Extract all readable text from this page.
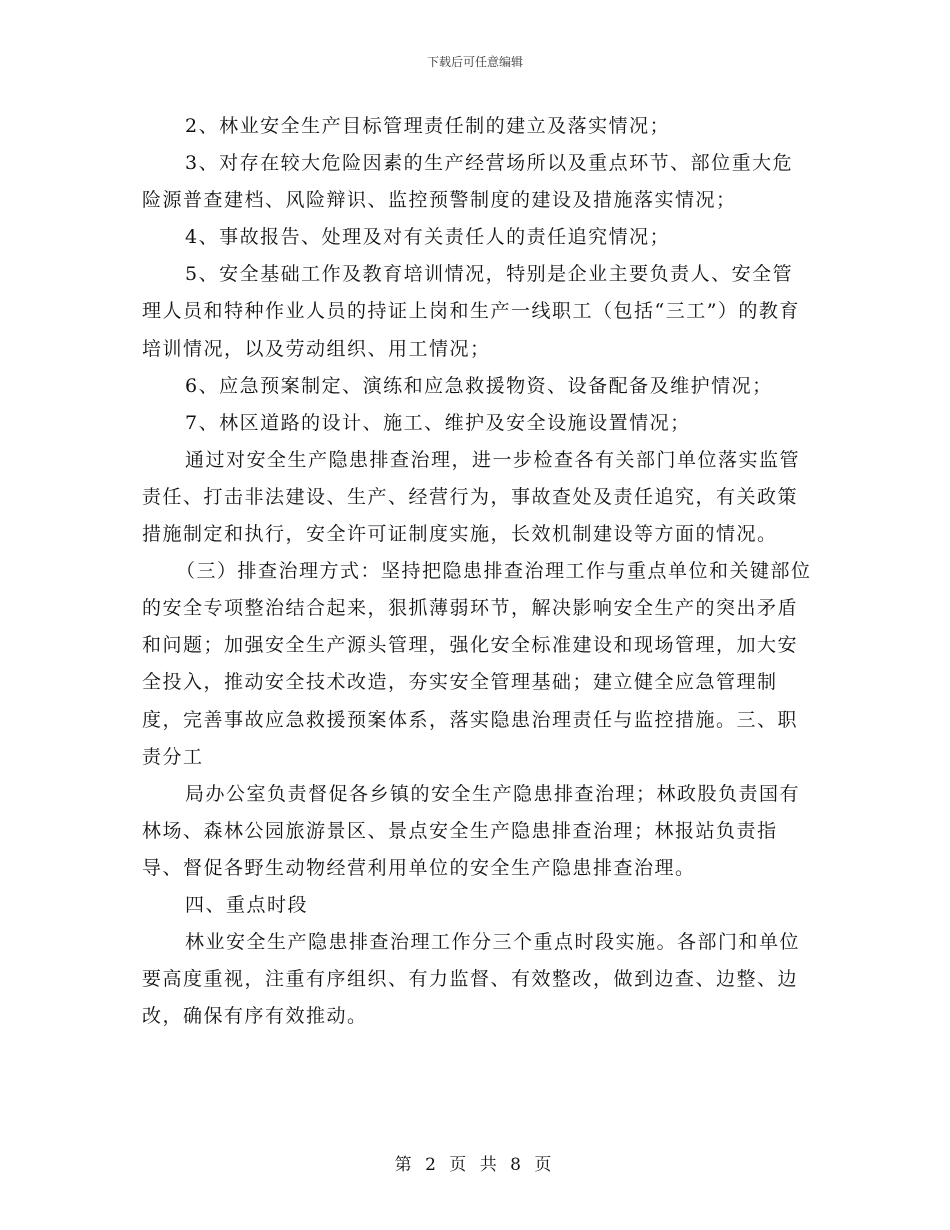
下载后可任意编辑

2、林业安全生产目标管理责任制的建立及落实情况；

3、对存在较大危险因素的生产经营场所以及重点环节、部位重大危险源普查建档、风险辩识、监控预警制度的建设及措施落实情况；

4、事故报告、处理及对有关责任人的责任追究情况；

5、安全基础工作及教育培训情况，特别是企业主要负责人、安全管理人员和特种作业人员的持证上岗和生产一线职工（包括“三工”）的教育培训情况，以及劳动组织、用工情况；

6、应急预案制定、演练和应急救援物资、设备配备及维护情况；

7、林区道路的设计、施工、维护及安全设施设置情况；

通过对安全生产隐患排查治理，进一步检查各有关部门单位落实监管责任、打击非法建设、生产、经营行为，事故查处及责任追究，有关政策措施制定和执行，安全许可证制度实施，长效机制建设等方面的情况。

（三）排查治理方式：坚持把隐患排查治理工作与重点单位和关键部位的安全专项整治结合起来，狠抓薄弱环节，解决影响安全生产的突出矛盾和问题；加强安全生产源头管理，强化安全标准建设和现场管理，加大安全投入，推动安全技术改造，夯实安全管理基础；建立健全应急管理制度，完善事故应急救援预案体系，落实隐患治理责任与监控措施。三、职责分工

局办公室负责督促各乡镇的安全生产隐患排查治理；林政股负责国有林场、森林公园旅游景区、景点安全生产隐患排查治理；林报站负责指导、督促各野生动物经营利用单位的安全生产隐患排查治理。

四、重点时段

林业安全生产隐患排查治理工作分三个重点时段实施。各部门和单位要高度重视，注重有序组织、有力监督、有效整改，做到边查、边整、边改，确保有序有效推动。

第 2 页 共 8 页
